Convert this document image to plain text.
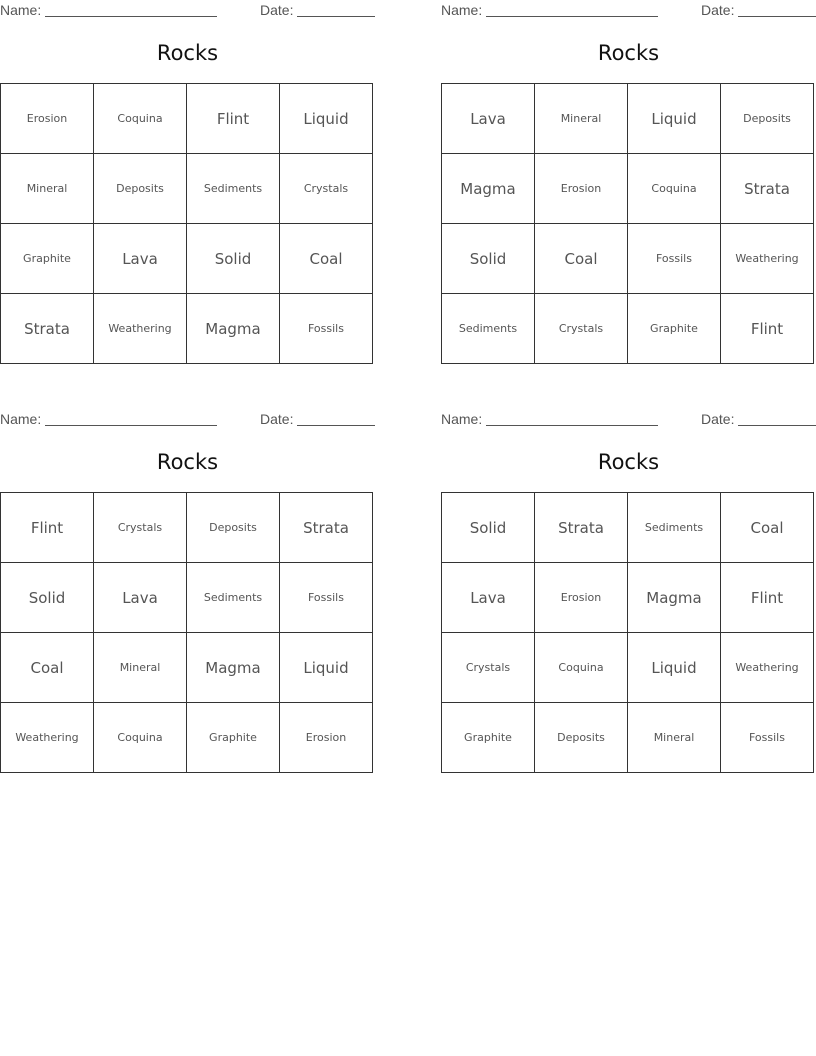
Name:	Date:
Rocks
Erosion	Coquina	Flint	Liquid
Mineral	Deposits	Sediments	Crystals
Graphite	Lava	Solid	Coal
Strata	Weathering	Magma	Fossils
Name:	Date:
Rocks
Lava	Mineral	Liquid	Deposits
Magma	Erosion	Coquina	Strata
Solid	Coal	Fossils	Weathering
Sediments	Crystals	Graphite	Flint
Name:	Date:
Rocks
Flint	Crystals	Deposits	Strata
Solid	Lava	Sediments	Fossils
Coal	Mineral	Magma	Liquid
Weathering	Coquina	Graphite	Erosion
Name:	Date:
Rocks
Solid	Strata	Sediments	Coal
Lava	Erosion	Magma	Flint
Crystals	Coquina	Liquid	Weathering
Graphite	Deposits	Mineral	Fossils
